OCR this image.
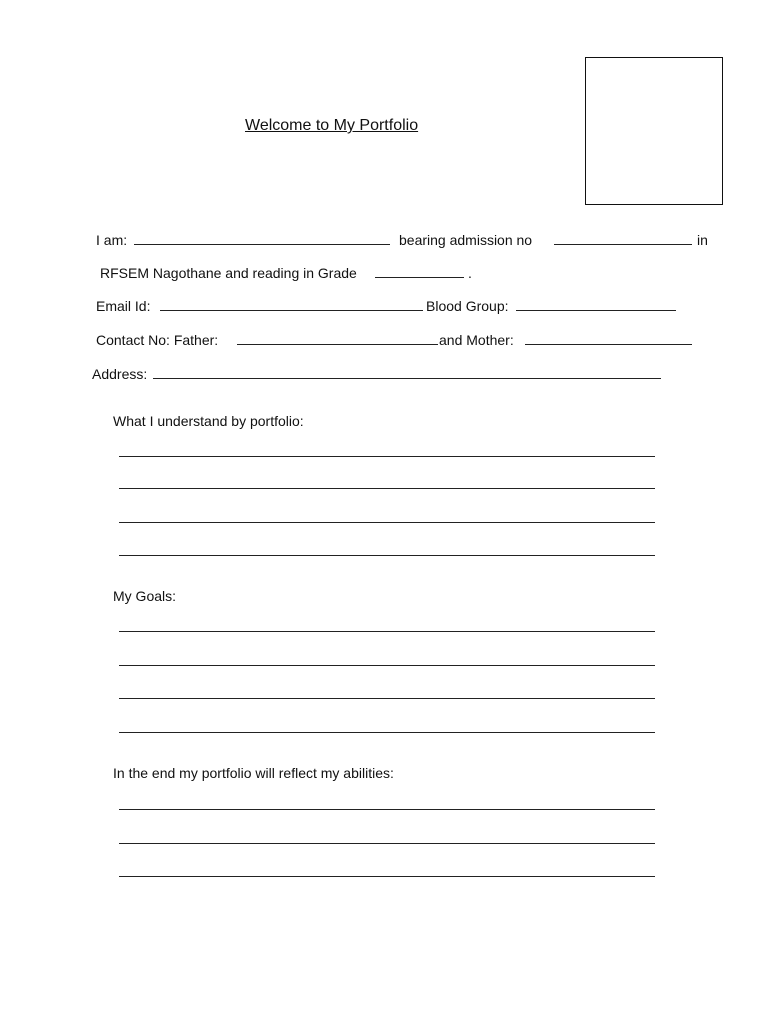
Welcome to My Portfolio
I am:	bearing admission no	in
RFSEM Nagothane and reading in Grade	.
Email Id:	Blood Group:
Contact No: Father:	and Mother:
Address:
What I understand by portfolio:
My Goals:
In the end my portfolio will reflect my abilities:
